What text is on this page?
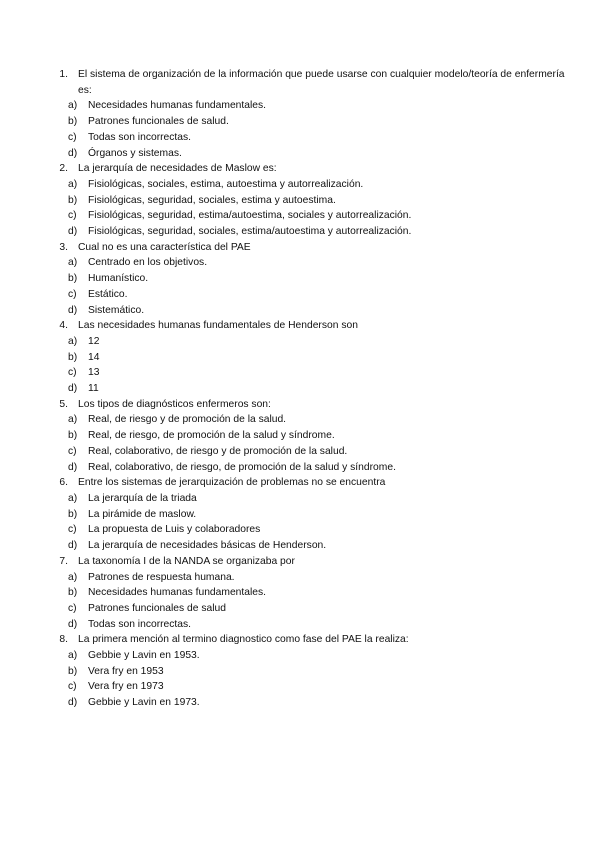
1. El sistema de organización de la información que puede usarse con cualquier modelo/teoría de enfermería es:
a)	Necesidades humanas fundamentales.
b)	Patrones funcionales de salud.
c)	Todas son incorrectas.
d)	Órganos y sistemas.
2. La jerarquía de necesidades de Maslow es:
a)	Fisiológicas, sociales, estima, autoestima y autorrealización.
b)	Fisiológicas, seguridad, sociales, estima y autoestima.
c)	Fisiológicas, seguridad, estima/autoestima, sociales y autorrealización.
d)	Fisiológicas, seguridad, sociales, estima/autoestima y autorrealización.
3. Cual no es una característica del PAE
a)	Centrado en los objetivos.
b)	Humanístico.
c)	Estático.
d)	Sistemático.
4. Las necesidades humanas fundamentales de Henderson son
a)	12
b)	14
c)	13
d)	11
5. Los tipos de diagnósticos enfermeros son:
a)	Real, de riesgo y de promoción de la salud.
b)	Real, de riesgo, de promoción de la salud y síndrome.
c)	Real, colaborativo, de riesgo y de promoción de la salud.
d)	Real, colaborativo, de riesgo, de promoción de la salud y síndrome.
6. Entre los sistemas de jerarquización de problemas no se encuentra
a)	La jerarquía de la triada
b)	La pirámide de maslow.
c)	La propuesta de Luis y colaboradores
d)	La jerarquía de necesidades básicas de Henderson.
7. La taxonomía I de la NANDA se organizaba por
a)	Patrones de respuesta humana.
b)	Necesidades humanas fundamentales.
c)	Patrones funcionales de salud
d)	Todas son incorrectas.
8. La primera mención al termino diagnostico como fase del PAE la realiza:
a)	Gebbie y Lavin en 1953.
b)	Vera fry en 1953
c)	Vera fry en 1973
d)	Gebbie y Lavin en 1973.
